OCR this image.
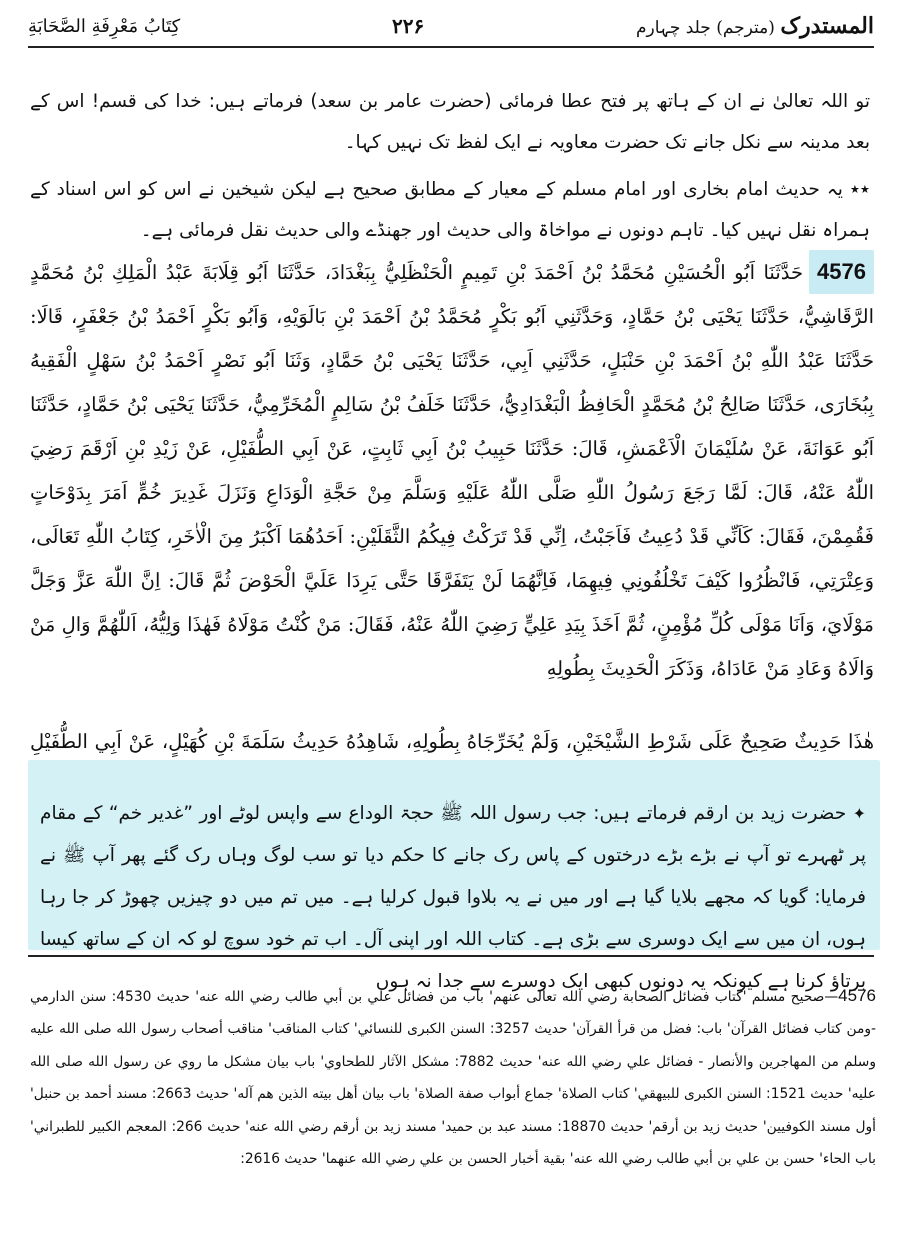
المستدرک (مترجم) جلد چہارم
۲۲۶
كِتَابُ مَعْرِفَةِ الصَّحَابَةِ

تو اللہ تعالیٰ نے ان کے ہاتھ پر فتح عطا فرمائی (حضرت عامر بن سعد) فرماتے ہیں: خدا کی قسم! اس کے بعد مدینہ سے نکل جانے تک حضرت معاویہ نے ایک لفظ تک نہیں کہا۔

٭٭ یہ حدیث امام بخاری اور امام مسلم کے معیار کے مطابق صحیح ہے لیکن شیخین نے اس کو اس اسناد کے ہمراہ نقل نہیں کیا۔ تاہم دونوں نے مواخاۃ والی حدیث اور جھنڈے والی حدیث نقل فرمائی ہے۔

4576حَدَّثَنَا اَبُو الْحُسَيْنِ مُحَمَّدُ بْنُ اَحْمَدَ بْنِ تَمِيمٍ الْحَنْظَلِيُّ بِبَغْدَادَ، حَدَّثَنَا اَبُو قِلَابَةَ عَبْدُ الْمَلِكِ بْنُ مُحَمَّدٍ الرَّقَاشِيُّ، حَدَّثَنَا يَحْيَى بْنُ حَمَّادٍ، وَحَدَّثَنِي اَبُو بَكْرٍ مُحَمَّدُ بْنُ اَحْمَدَ بْنِ بَالَوَيْهِ، وَاَبُو بَكْرٍ اَحْمَدُ بْنُ جَعْفَرٍ، قَالَا: حَدَّثَنَا عَبْدُ اللّٰهِ بْنُ اَحْمَدَ بْنِ حَنْبَلٍ، حَدَّثَنِي اَبِي، حَدَّثَنَا يَحْيَى بْنُ حَمَّادٍ، وَثَنَا اَبُو نَصْرٍ اَحْمَدُ بْنُ سَهْلٍ الْفَقِيهُ بِبُخَارَى، حَدَّثَنَا صَالِحُ بْنُ مُحَمَّدٍ الْحَافِظُ الْبَغْدَادِيُّ، حَدَّثَنَا خَلَفُ بْنُ سَالِمٍ الْمُخَرِّمِيُّ، حَدَّثَنَا يَحْيَى بْنُ حَمَّادٍ، حَدَّثَنَا اَبُو عَوَانَةَ، عَنْ سُلَيْمَانَ الْاَعْمَشِ، قَالَ: حَدَّثَنَا حَبِيبُ بْنُ اَبِي ثَابِتٍ، عَنْ اَبِي الطُّفَيْلِ، عَنْ زَيْدِ بْنِ اَرْقَمَ رَضِيَ اللّٰهُ عَنْهُ، قَالَ: لَمَّا رَجَعَ رَسُولُ اللّٰهِ صَلَّى اللّٰهُ عَلَيْهِ وَسَلَّمَ مِنْ حَجَّةِ الْوَدَاعِ وَنَزَلَ غَدِيرَ خُمٍّ اَمَرَ بِدَوْحَاتٍ فَقُمِمْنَ، فَقَالَ: كَاَنِّي قَدْ دُعِيتُ فَاَجَبْتُ، اِنِّي قَدْ تَرَكْتُ فِيكُمُ الثَّقَلَيْنِ: اَحَدُهُمَا اَكْبَرُ مِنَ الْاٰخَرِ، كِتَابُ اللّٰهِ تَعَالَى، وَعِتْرَتِي، فَانْظُرُوا كَيْفَ تَخْلُفُونِي فِيهِمَا، فَاِنَّهُمَا لَنْ يَتَفَرَّقَا حَتَّى يَرِدَا عَلَيَّ الْحَوْضَ ثُمَّ قَالَ: اِنَّ اللّٰهَ عَزَّ وَجَلَّ مَوْلَايَ، وَاَنَا مَوْلَى كُلِّ مُؤْمِنٍ، ثُمَّ اَخَذَ بِيَدِ عَلِيٍّ رَضِيَ اللّٰهُ عَنْهُ، فَقَالَ: مَنْ كُنْتُ مَوْلَاهُ فَهٰذَا وَلِيُّهُ، اَللّٰهُمَّ وَالِ مَنْ وَالَاهُ وَعَادِ مَنْ عَادَاهُ، وَذَكَرَ الْحَدِيثَ بِطُولِهِ

هٰذَا حَدِيثٌ صَحِيحٌ عَلَى شَرْطِ الشَّيْخَيْنِ، وَلَمْ يُخَرِّجَاهُ بِطُولِهِ، شَاهِدُهُ حَدِيثُ سَلَمَةَ بْنِ كُهَيْلٍ، عَنْ اَبِي الطُّفَيْلِ

✦ حضرت زید بن ارقم فرماتے ہیں: جب رسول اللہ ﷺ حجۃ الوداع سے واپس لوٹے اور ”غدیر خم“ کے مقام پر ٹھہرے تو آپ نے بڑے بڑے درختوں کے پاس رک جانے کا حکم دیا تو سب لوگ وہاں رک گئے پھر آپ ﷺ نے فرمایا: گویا کہ مجھے بلایا گیا ہے اور میں نے یہ بلاوا قبول کرلیا ہے۔ میں تم میں دو چیزیں چھوڑ کر جا رہا ہوں، ان میں سے ایک دوسری سے بڑی ہے۔ کتاب اللہ اور اپنی آل۔ اب تم خود سوچ لو کہ ان کے ساتھ کیسا برتاؤ کرنا ہے کیونکہ یہ دونوں کبھی ایک دوسرے سے جدا نہ ہوں

4576—صحیح مسلم 'كتاب فضائل الصحابة رضي الله تعالى عنهم' باب من فضائل علي بن أبي طالب رضي الله عنه' حديث 4530: سنن الدارمي -ومن كتاب فضائل القرآن' باب: فضل من قرأ القرآن' حديث 3257: السنن الكبرى للنسائي' كتاب المناقب' مناقب أصحاب رسول الله صلى الله عليه وسلم من المهاجرين والأنصار - فضائل علي رضي الله عنه' حديث 7882: مشكل الآثار للطحاوي' باب بيان مشكل ما روي عن رسول الله صلى الله عليه' حديث 1521: السنن الكبرى للبيهقي' كتاب الصلاة' جماع أبواب صفة الصلاة' باب بيان أهل بيته الذين هم آله' حديث 2663: مسند أحمد بن حنبل' أول مسند الكوفيين' حديث زيد بن أرقم' حديث 18870: مسند عبد بن حميد' مسند زيد بن أرقم رضي الله عنه' حديث 266: المعجم الكبير للطبراني' باب الحاء' حسن بن علي بن أبي طالب رضي الله عنه' بقية أخبار الحسن بن علي رضي الله عنهما' حديث 2616:
